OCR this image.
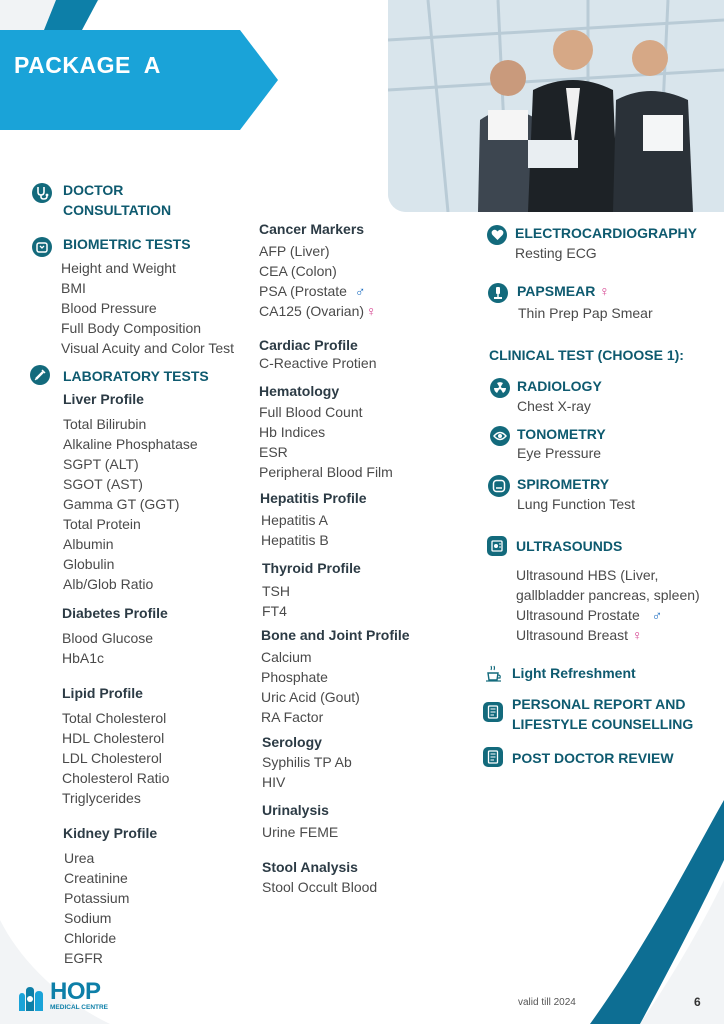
PACKAGE  A
DOCTOR
CONSULTATION
BIOMETRIC TESTS
Height and Weight
BMI
Blood Pressure
Full Body Composition
Visual Acuity and Color Test
LABORATORY TESTS
Liver Profile
Total Bilirubin
Alkaline Phosphatase
SGPT (ALT)
SGOT (AST)
Gamma GT (GGT)
Total Protein
Albumin
Globulin
Alb/Glob Ratio
Diabetes Profile
Blood Glucose
HbA1c
Lipid Profile
Total Cholesterol
HDL Cholesterol
LDL Cholesterol
Cholesterol Ratio
Triglycerides
Kidney Profile
Urea
Creatinine
Potassium
Sodium
Chloride
EGFR
Cancer Markers
AFP (Liver)
CEA (Colon)
PSA (Prostate ♂
CA125 (Ovarian) ♀
Cardiac Profile
C-Reactive Protien
Hematology
Full Blood Count
Hb Indices
ESR
Peripheral Blood Film
Hepatitis Profile
Hepatitis A
Hepatitis B
Thyroid Profile
TSH
FT4
Bone and Joint Profile
Calcium
Phosphate
Uric Acid (Gout)
RA Factor
Serology
Syphilis TP Ab
HIV
Urinalysis
Urine FEME
Stool Analysis
Stool Occult Blood
ELECTROCARDIOGRAPHY
Resting ECG
PAPSMEAR ♀
Thin Prep Pap Smear
CLINICAL TEST (CHOOSE 1):
RADIOLOGY
Chest X-ray
TONOMETRY
Eye Pressure
SPIROMETRY
Lung Function Test
ULTRASOUNDS
Ultrasound HBS (Liver,
gallbladder pancreas, spleen)
Ultrasound Prostate ♂
Ultrasound Breast ♀
Light Refreshment
PERSONAL REPORT AND
LIFESTYLE COUNSELLING
POST DOCTOR REVIEW
HOP
MEDICAL CENTRE	valid till 2024	6
